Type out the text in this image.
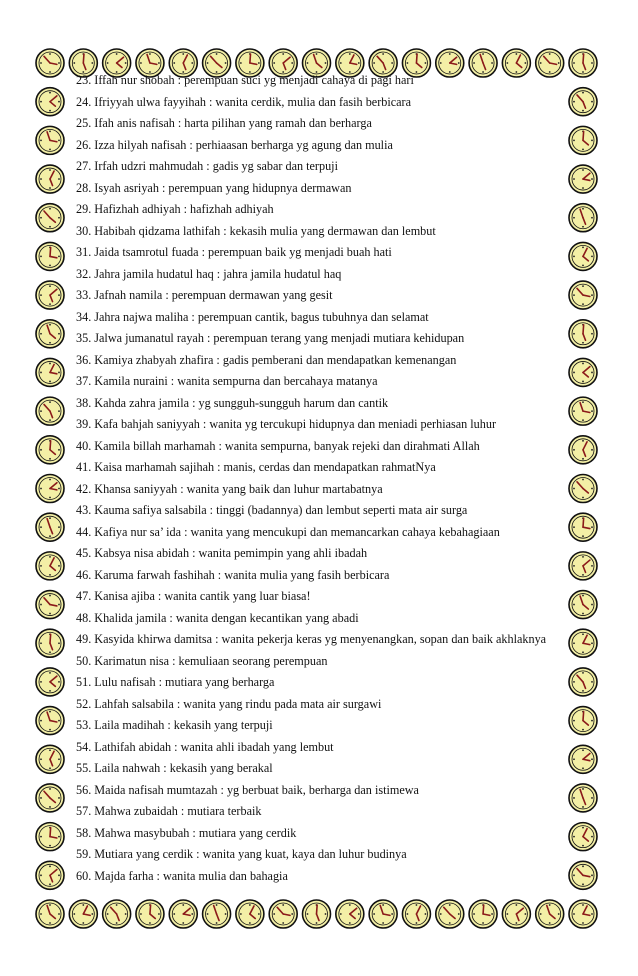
23. Iffah nur shobah : perempuan suci yg menjadi cahaya di pagi hari
24. Ifriyyah ulwa fayyihah : wanita cerdik, mulia dan fasih berbicara
25. Ifah anis nafisah : harta pilihan yang ramah dan berharga
26. Izza hilyah nafisah : perhiaasan berharga yg agung dan mulia
27. Irfah udzri mahmudah : gadis yg sabar dan terpuji
28. Isyah asriyah : perempuan yang hidupnya dermawan
29. Hafizhah adhiyah : hafizhah adhiyah
30. Habibah qidzama lathifah : kekasih mulia yang dermawan dan lembut
31. Jaida tsamrotul fuada : perempuan baik yg menjadi buah hati
32. Jahra jamila hudatul haq : jahra jamila hudatul haq
33. Jafnah namila : perempuan dermawan yang gesit
34. Jahra najwa maliha : perempuan cantik, bagus tubuhnya dan selamat
35. Jalwa jumanatul rayah : perempuan terang yang menjadi mutiara kehidupan
36. Kamiya zhabyah zhafira : gadis pemberani dan mendapatkan kemenangan
37. Kamila nuraini : wanita sempurna dan bercahaya matanya
38. Kahda zahra jamila : yg sungguh-sungguh harum dan cantik
39. Kafa bahjah saniyyah : wanita yg tercukupi hidupnya dan meniadi perhiasan luhur
40. Kamila billah marhamah : wanita sempurna, banyak rejeki dan dirahmati Allah
41. Kaisa marhamah sajihah : manis, cerdas dan mendapatkan rahmatNya
42. Khansa saniyyah : wanita yang baik dan luhur martabatnya
43. Kauma safiya salsabila : tinggi (badannya) dan lembut seperti mata air surga
44. Kafiya nur sa’ ida : wanita yang mencukupi dan memancarkan cahaya kebahagiaan
45. Kabsya nisa abidah : wanita pemimpin yang ahli ibadah
46. Karuma farwah fashihah : wanita mulia yang fasih berbicara
47. Kanisa ajiba : wanita cantik yang luar biasa!
48. Khalida jamila : wanita dengan kecantikan yang abadi
49. Kasyida khirwa damitsa : wanita pekerja keras yg menyenangkan, sopan dan baik akhlaknya
50. Karimatun nisa : kemuliaan seorang perempuan
51. Lulu nafisah : mutiara yang berharga
52. Lahfah salsabila : wanita yang rindu pada mata air surgawi
53. Laila madihah : kekasih yang terpuji
54. Lathifah abidah : wanita ahli ibadah yang lembut
55. Laila nahwah : kekasih yang berakal
56. Maida nafisah mumtazah : yg berbuat baik, berharga dan istimewa
57. Mahwa zubaidah : mutiara terbaik
58. Mahwa masybubah : mutiara yang cerdik
59. Mutiara yang cerdik : wanita yang kuat, kaya dan luhur budinya
60. Majda farha : wanita mulia dan bahagia
